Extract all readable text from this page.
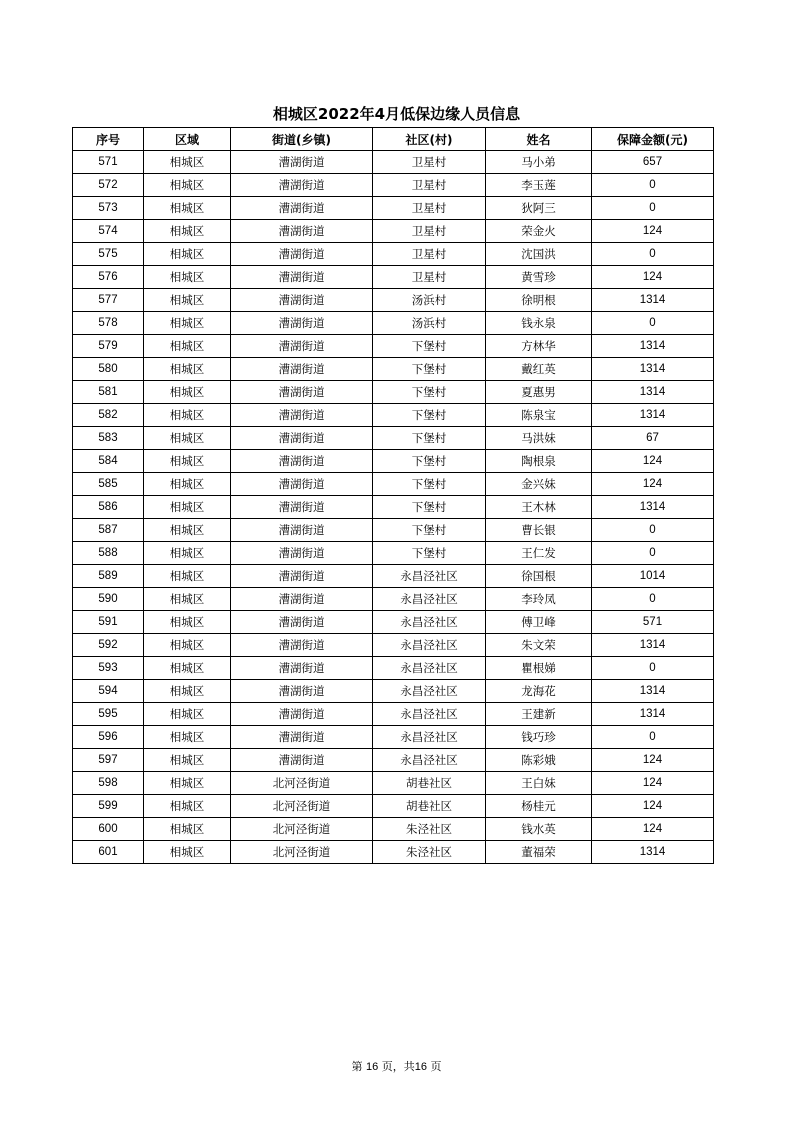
相城区2022年4月低保边缘人员信息
序号	区域	街道(乡镇)	社区(村)	姓名	保障金额(元)
571	相城区	漕湖街道	卫星村	马小弟	657
572	相城区	漕湖街道	卫星村	李玉莲	0
573	相城区	漕湖街道	卫星村	狄阿三	0
574	相城区	漕湖街道	卫星村	荣金火	124
575	相城区	漕湖街道	卫星村	沈国洪	0
576	相城区	漕湖街道	卫星村	黄雪珍	124
577	相城区	漕湖街道	汤浜村	徐明根	1314
578	相城区	漕湖街道	汤浜村	钱永泉	0
579	相城区	漕湖街道	下堡村	方林华	1314
580	相城区	漕湖街道	下堡村	戴红英	1314
581	相城区	漕湖街道	下堡村	夏惠男	1314
582	相城区	漕湖街道	下堡村	陈泉宝	1314
583	相城区	漕湖街道	下堡村	马洪妹	67
584	相城区	漕湖街道	下堡村	陶根泉	124
585	相城区	漕湖街道	下堡村	金兴妹	124
586	相城区	漕湖街道	下堡村	王木林	1314
587	相城区	漕湖街道	下堡村	曹长银	0
588	相城区	漕湖街道	下堡村	王仁发	0
589	相城区	漕湖街道	永昌泾社区	徐国根	1014
590	相城区	漕湖街道	永昌泾社区	李玲凤	0
591	相城区	漕湖街道	永昌泾社区	傅卫峰	571
592	相城区	漕湖街道	永昌泾社区	朱文荣	1314
593	相城区	漕湖街道	永昌泾社区	瞿根娣	0
594	相城区	漕湖街道	永昌泾社区	龙海花	1314
595	相城区	漕湖街道	永昌泾社区	王建新	1314
596	相城区	漕湖街道	永昌泾社区	钱巧珍	0
597	相城区	漕湖街道	永昌泾社区	陈彩娥	124
598	相城区	北河泾街道	胡巷社区	王白妹	124
599	相城区	北河泾街道	胡巷社区	杨桂元	124
600	相城区	北河泾街道	朱泾社区	钱水英	124
601	相城区	北河泾街道	朱泾社区	董福荣	1314
第 16 页，共16 页
